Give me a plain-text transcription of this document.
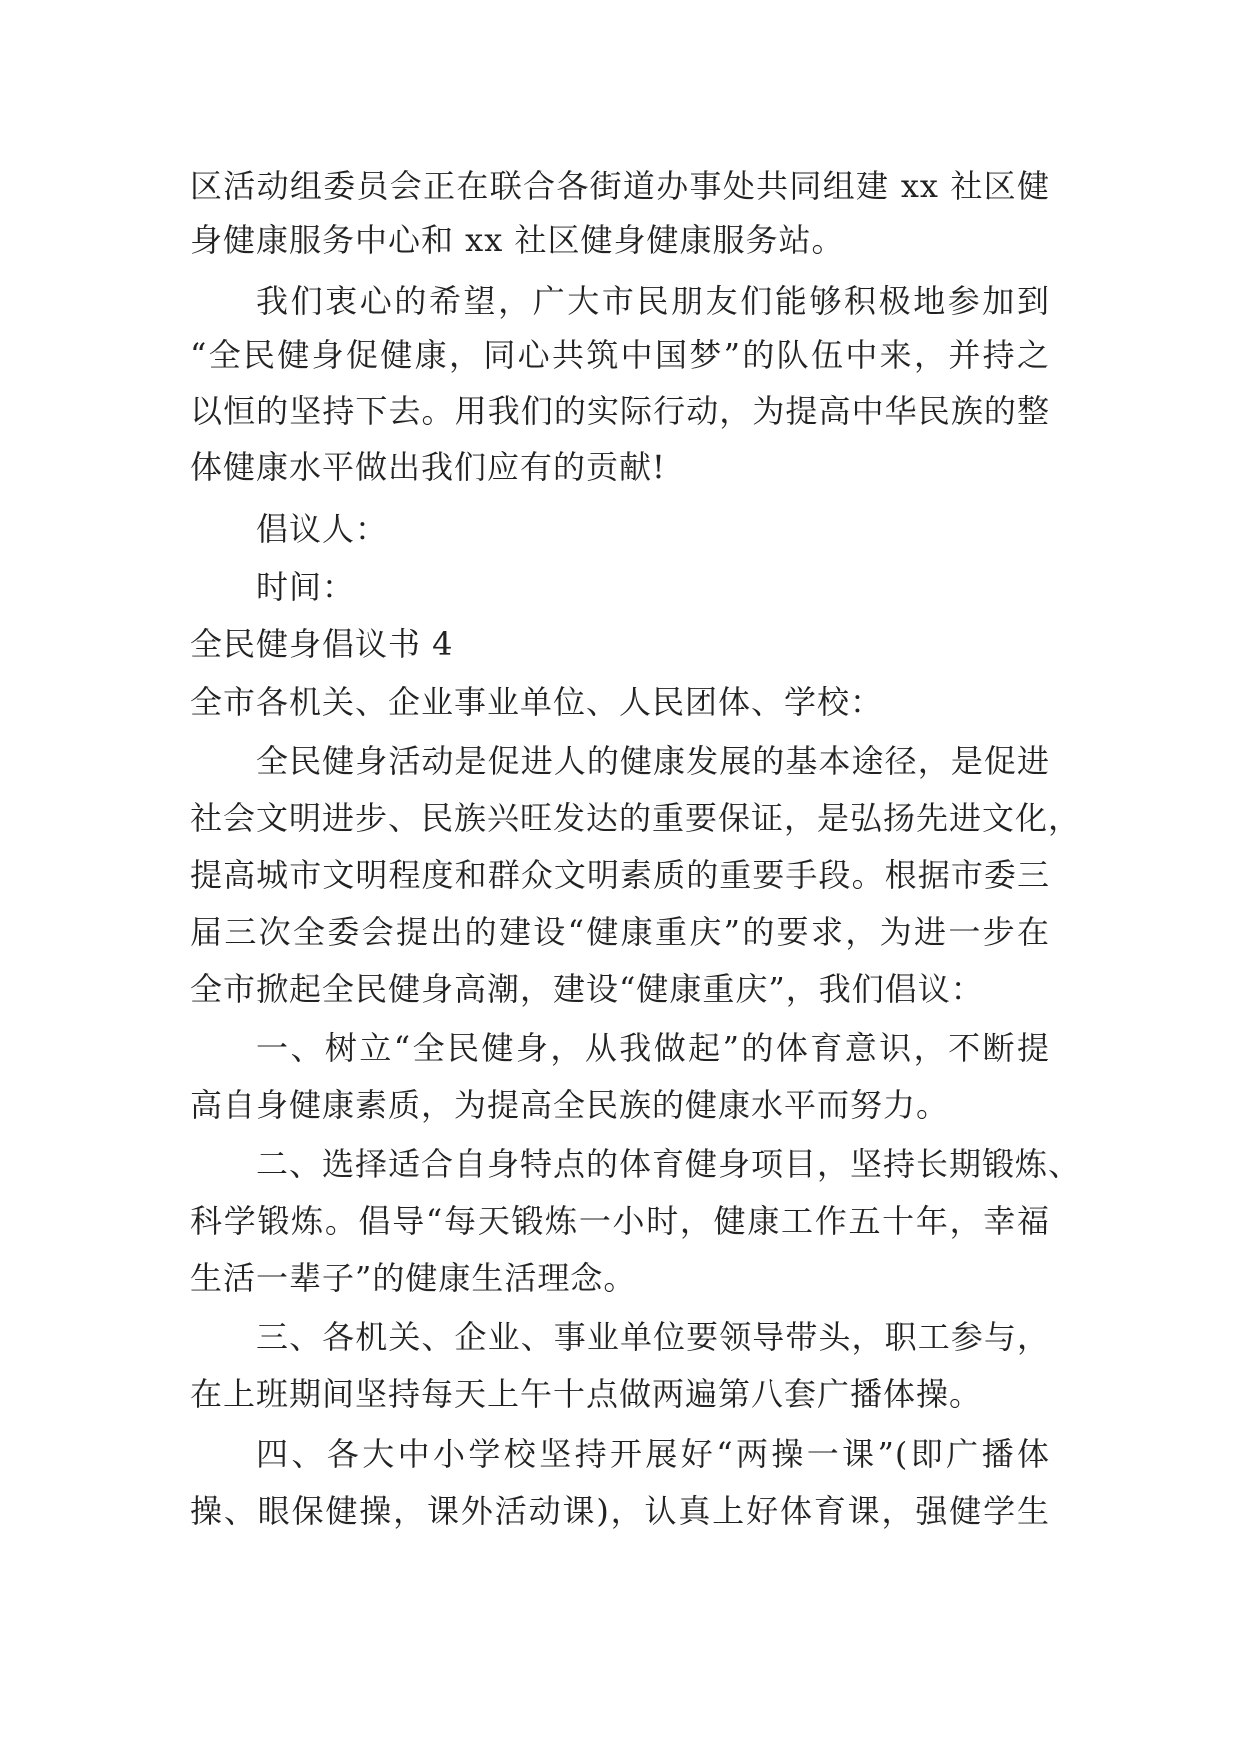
区活动组委员会正在联合各街道办事处共同组建 xx 社区健
身健康服务中心和 xx 社区健身健康服务站。
我们衷心的希望，广大市民朋友们能够积极地参加到
“全民健身促健康，同心共筑中国梦”的队伍中来，并持之
以恒的坚持下去。用我们的实际行动，为提高中华民族的整
体健康水平做出我们应有的贡献!
倡议人：
时间：
全民健身倡议书 4
全市各机关、企业事业单位、人民团体、学校：
全民健身活动是促进人的健康发展的基本途径，是促进
社会文明进步、民族兴旺发达的重要保证，是弘扬先进文化，
提高城市文明程度和群众文明素质的重要手段。根据市委三
届三次全委会提出的建设“健康重庆”的要求，为进一步在
全市掀起全民健身高潮，建设“健康重庆”，我们倡议：
一、树立“全民健身，从我做起”的体育意识，不断提
高自身健康素质，为提高全民族的健康水平而努力。
二、选择适合自身特点的体育健身项目，坚持长期锻炼、
科学锻炼。倡导“每天锻炼一小时，健康工作五十年，幸福
生活一辈子”的健康生活理念。
三、各机关、企业、事业单位要领导带头，职工参与，
在上班期间坚持每天上午十点做两遍第八套广播体操。
四、各大中小学校坚持开展好“两操一课”(即广播体
操、眼保健操，课外活动课)，认真上好体育课，强健学生
